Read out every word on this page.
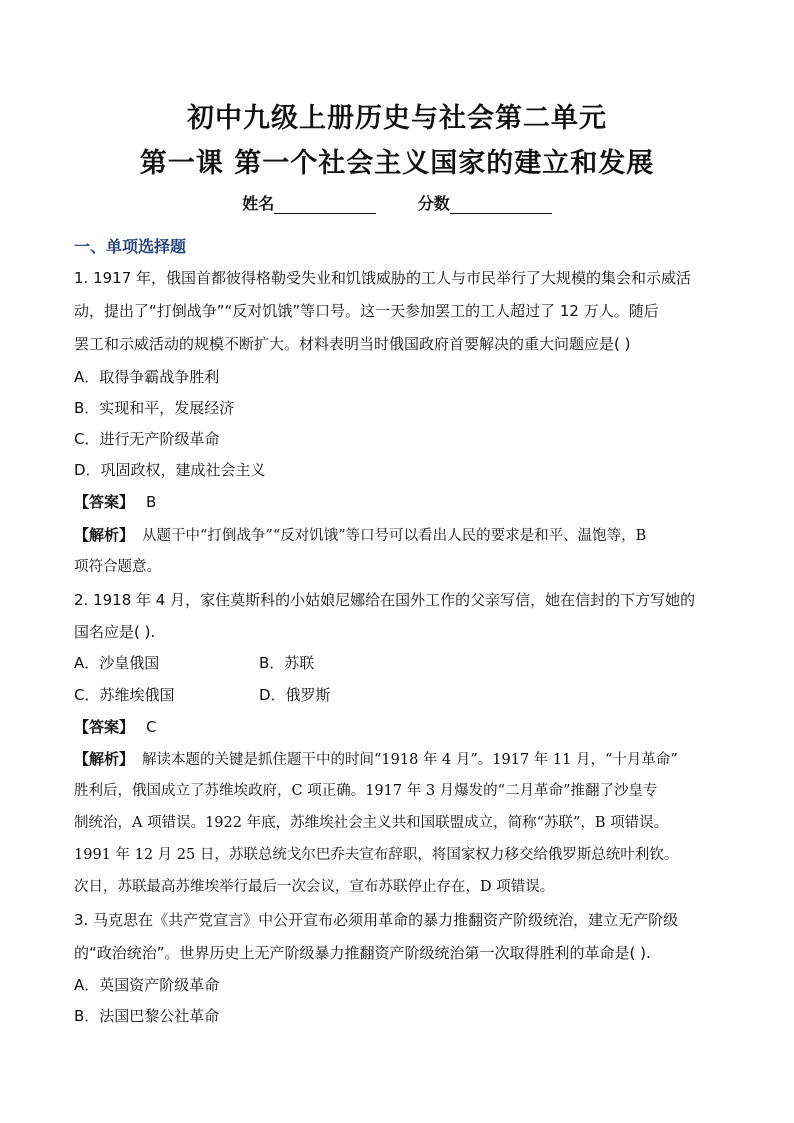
初中九级上册历史与社会第二单元
第一课 第一个社会主义国家的建立和发展
姓名	分数
一、单项选择题
1. 1917 年，俄国首都彼得格勒受失业和饥饿威胁的工人与市民举行了大规模的集会和示威活
动，提出了“打倒战争”“反对饥饿”等口号。这一天参加罢工的工人超过了 12 万人。随后
罢工和示威活动的规模不断扩大。材料表明当时俄国政府首要解决的重大问题应是( )
A．取得争霸战争胜利
B．实现和平，发展经济
C．进行无产阶级革命
D．巩固政权，建成社会主义
【答案】 B
【解析】 从题干中“打倒战争”“反对饥饿”等口号可以看出人民的要求是和平、温饱等，B
项符合题意。
2. 1918 年 4 月，家住莫斯科的小姑娘尼娜给在国外工作的父亲写信，她在信封的下方写她的
国名应是( ).
A．沙皇俄国	B．苏联
C．苏维埃俄国	D．俄罗斯
【答案】 C
【解析】 解读本题的关键是抓住题干中的时间“1918 年 4 月”。1917 年 11 月，“十月革命”
胜利后，俄国成立了苏维埃政府，C 项正确。1917 年 3 月爆发的“二月革命”推翻了沙皇专
制统治，A 项错误。1922 年底，苏维埃社会主义共和国联盟成立，简称“苏联”，B 项错误。
1991 年 12 月 25 日，苏联总统戈尔巴乔夫宣布辞职，将国家权力移交给俄罗斯总统叶利钦。
次日，苏联最高苏维埃举行最后一次会议，宣布苏联停止存在，D 项错误。
3. 马克思在《共产党宣言》中公开宣布必须用革命的暴力推翻资产阶级统治，建立无产阶级
的“政治统治”。世界历史上无产阶级暴力推翻资产阶级统治第一次取得胜利的革命是( ).
A．英国资产阶级革命
B．法国巴黎公社革命
